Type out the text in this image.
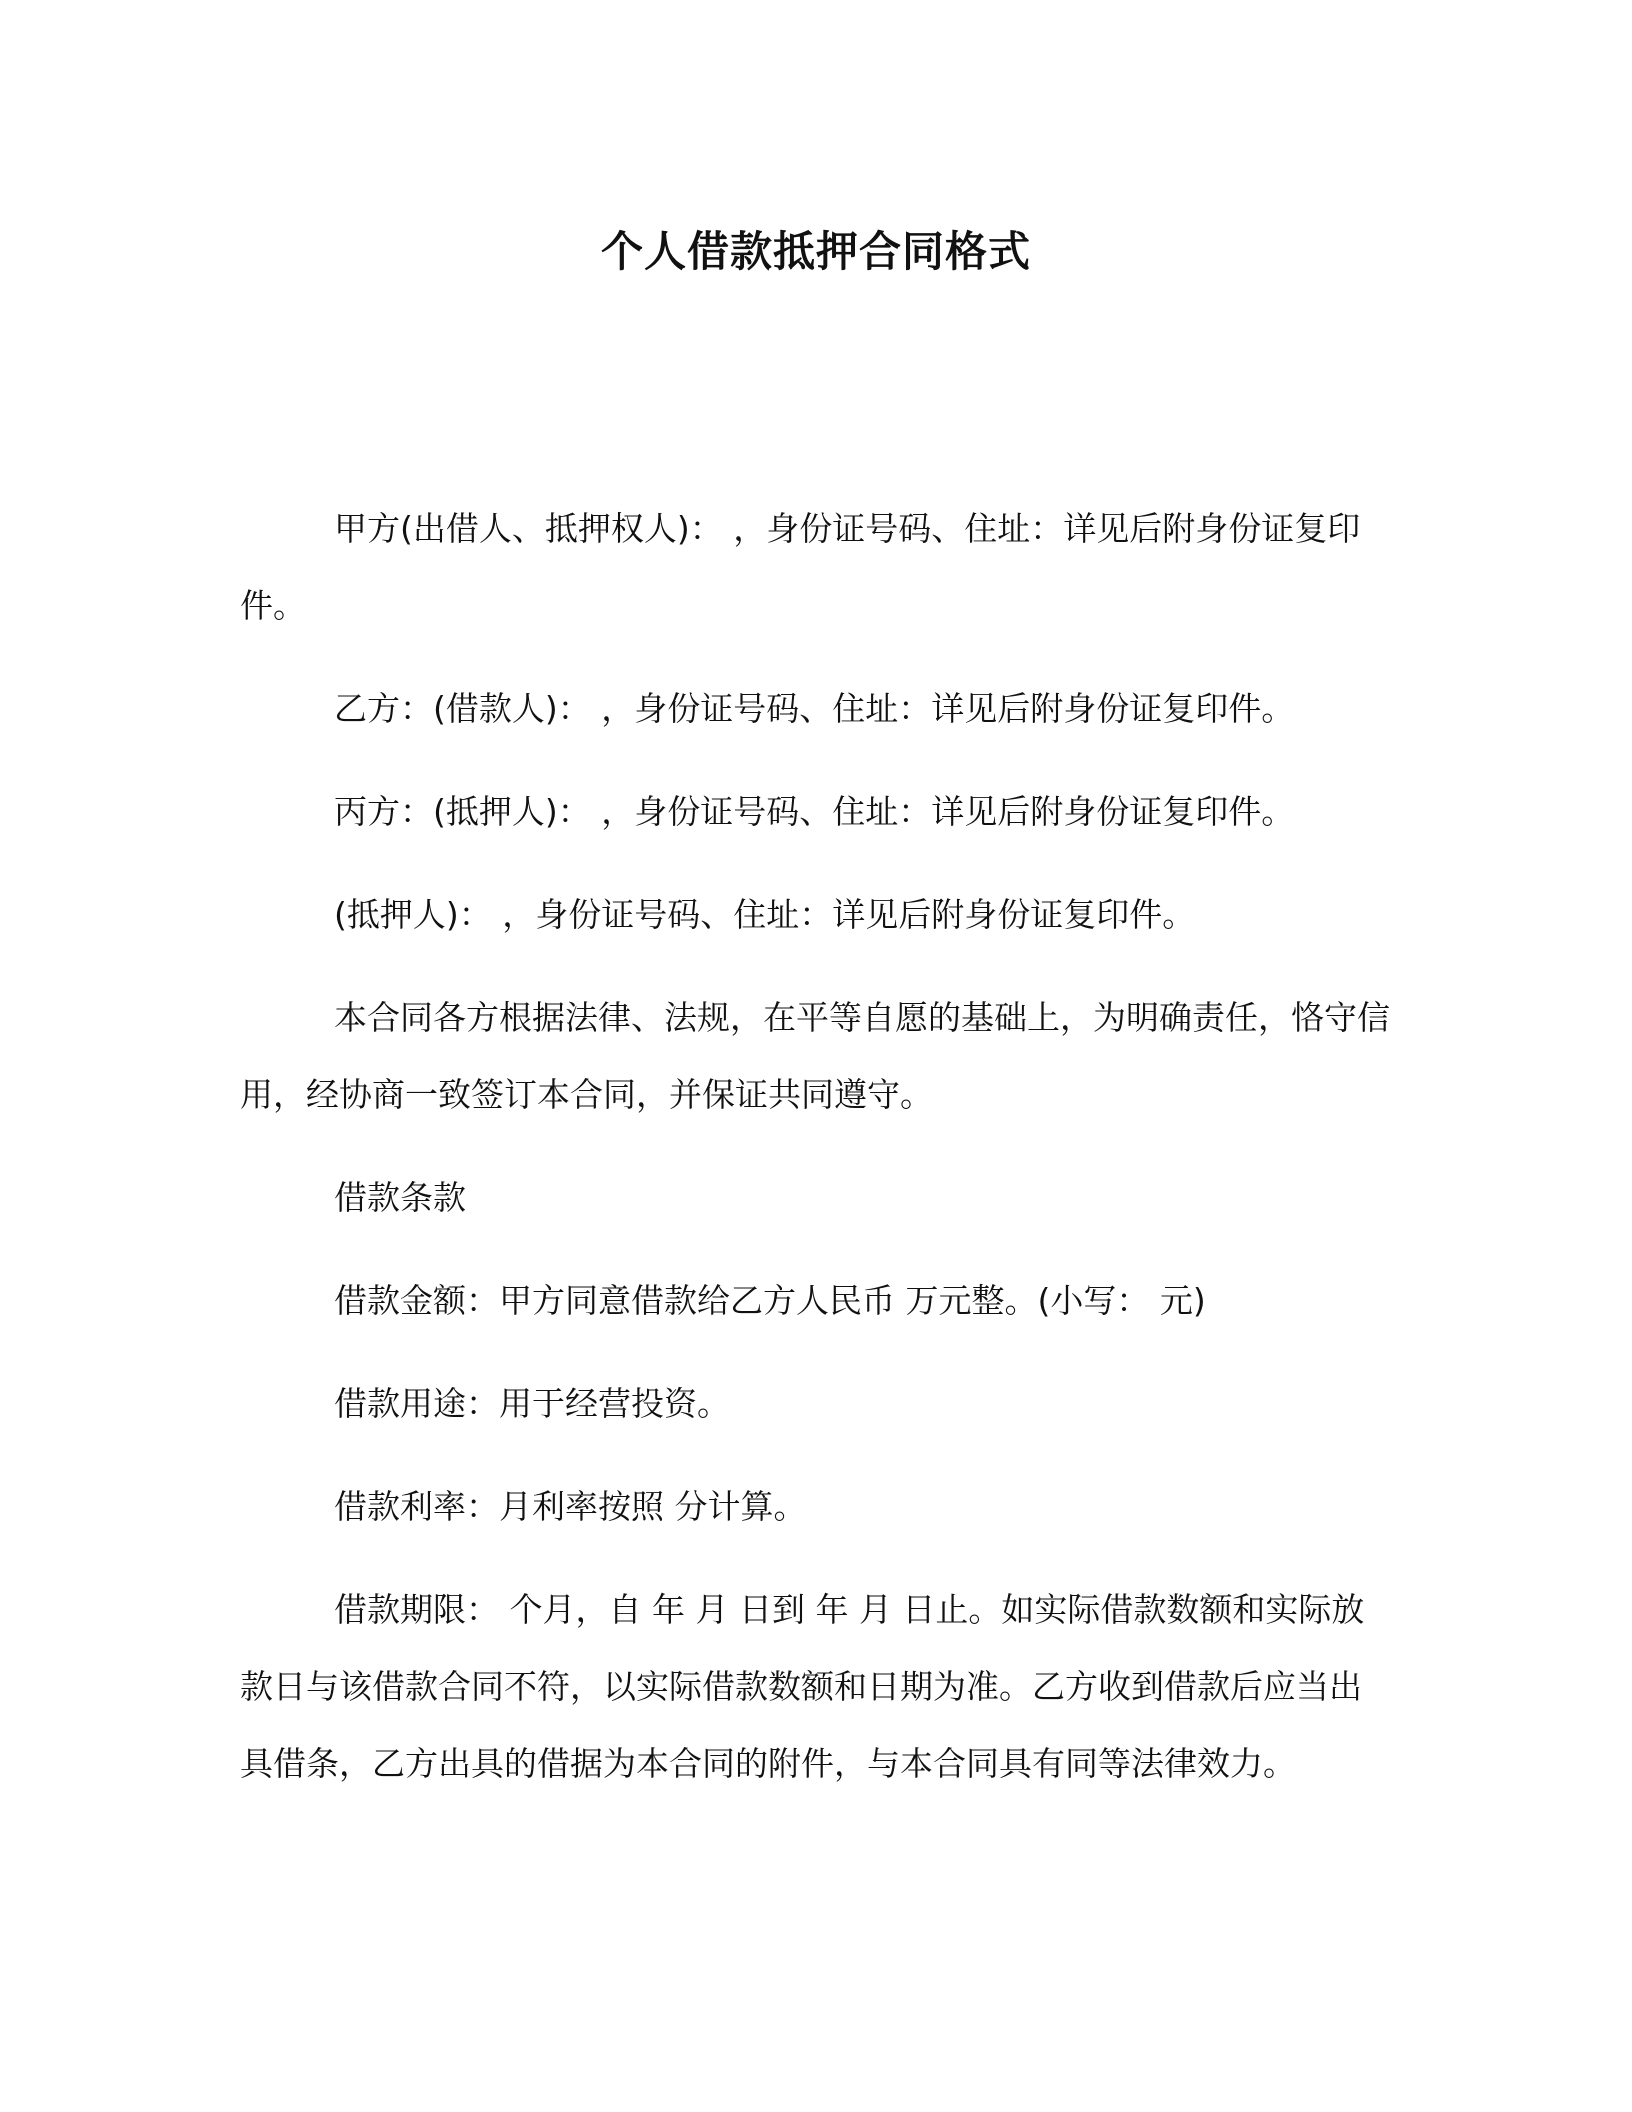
个人借款抵押合同格式

甲方(出借人、抵押权人)： ，身份证号码、住址：详见后附身份证复印件。

乙方：(借款人)： ，身份证号码、住址：详见后附身份证复印件。

丙方：(抵押人)： ，身份证号码、住址：详见后附身份证复印件。

(抵押人)： ，身份证号码、住址：详见后附身份证复印件。

本合同各方根据法律、法规，在平等自愿的基础上，为明确责任，恪守信用，经协商一致签订本合同，并保证共同遵守。

借款条款

借款金额：甲方同意借款给乙方人民币 万元整。(小写： 元)

借款用途：用于经营投资。

借款利率：月利率按照 分计算。

借款期限： 个月，自 年 月 日到 年 月 日止。如实际借款数额和实际放款日与该借款合同不符，以实际借款数额和日期为准。乙方收到借款后应当出具借条，乙方出具的借据为本合同的附件，与本合同具有同等法律效力。
